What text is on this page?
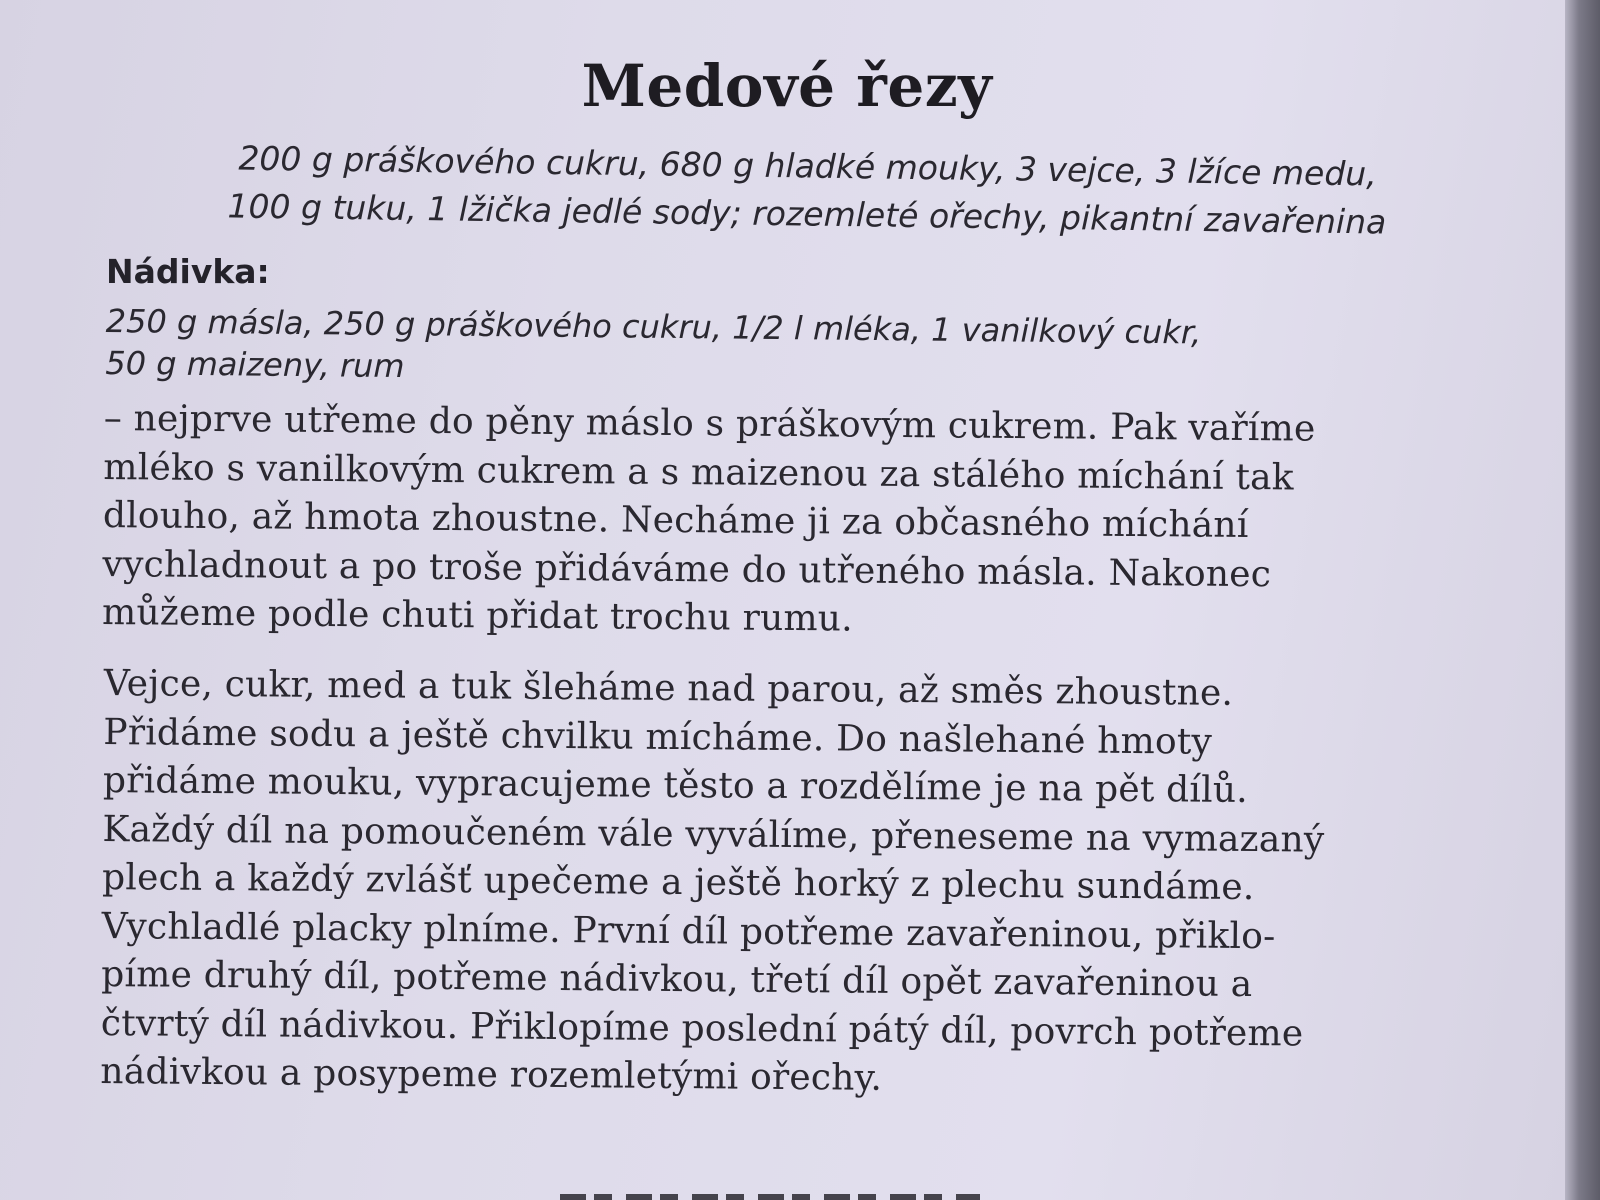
Medové řezy

200 g práškového cukru, 680 g hladké mouky, 3 vejce, 3 lžíce medu,
100 g tuku, 1 lžička jedlé sody; rozemleté ořechy, pikantní zavařenina

Nádivka:

250 g másla, 250 g práškového cukru, 1/2 l mléka, 1 vanilkový cukr,
50 g maizeny, rum

– nejprve utřeme do pěny máslo s práškovým cukrem. Pak vaříme
mléko s vanilkovým cukrem a s maizenou za stálého míchání tak
dlouho, až hmota zhoustne. Necháme ji za občasného míchání
vychladnout a po troše přidáváme do utřeného másla. Nakonec
můžeme podle chuti přidat trochu rumu.

Vejce, cukr, med a tuk šleháme nad parou, až směs zhoustne.
Přidáme sodu a ještě chvilku mícháme. Do našlehané hmoty
přidáme mouku, vypracujeme těsto a rozdělíme je na pět dílů.
Každý díl na pomoučeném vále vyválíme, přeneseme na vymazaný
plech a každý zvlášť upečeme a ještě horký z plechu sundáme.
Vychladlé placky plníme. První díl potřeme zavařeninou, přiklo-
píme druhý díl, potřeme nádivkou, třetí díl opět zavařeninou a
čtvrtý díl nádivkou. Přiklopíme poslední pátý díl, povrch potřeme
nádivkou a posypeme rozemletými ořechy.
